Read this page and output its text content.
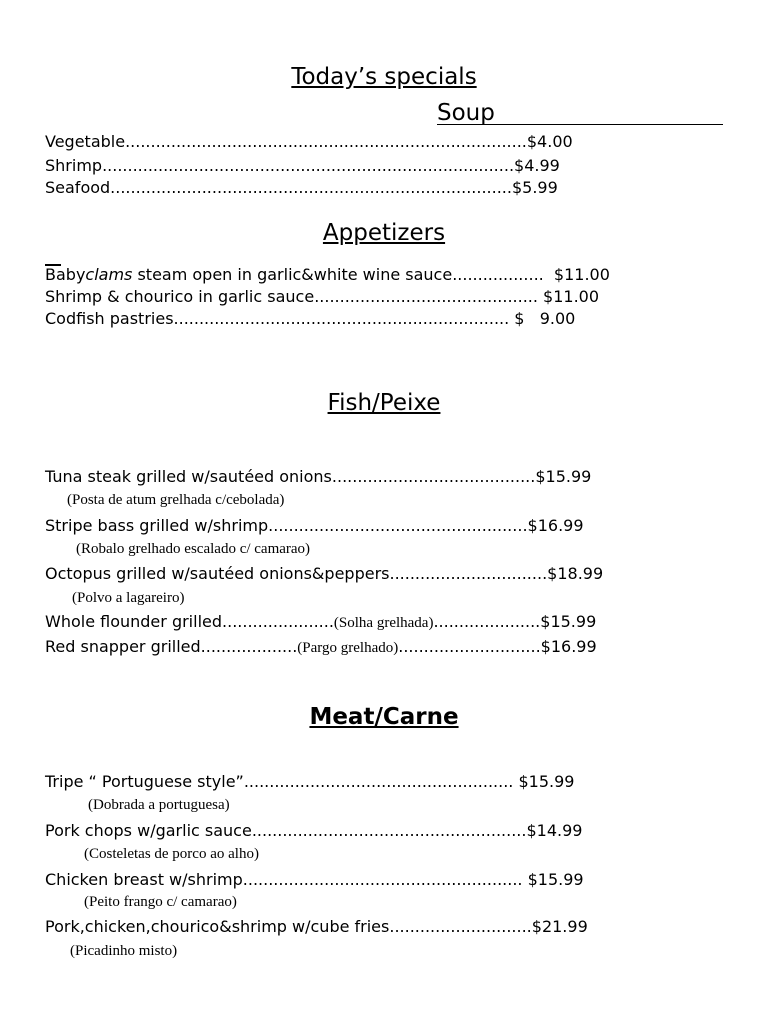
Today’s specials
Soup
Vegetable...............................................................................$4.00
Shrimp.................................................................................$4.99
Seafood...............................................................................$5.99
Appetizers
Babyclams steam open in garlic&white wine sauce..................  $11.00
Shrimp & chourico in garlic sauce............................................ $11.00
Codfish pastries.................................................................. $   9.00
Fish/Peixe
Tuna steak grilled w/sautéed onions........................................$15.99
(Posta de atum grelhada c/cebolada)
Stripe bass grilled w/shrimp...................................................$16.99
(Robalo grelhado escalado c/ camarao)
Octopus grilled w/sautéed onions&peppers...............................$18.99
(Polvo a lagareiro)
Whole flounder grilled......................(Solha grelhada).....................$15.99
Red snapper grilled...................(Pargo grelhado)............................$16.99
Meat/Carne
Tripe “ Portuguese style”..................................................... $15.99
(Dobrada a portuguesa)
Pork chops w/garlic sauce......................................................$14.99
(Costeletas de porco ao alho)
Chicken breast w/shrimp....................................................... $15.99
(Peito frango c/ camarao)
Pork,chicken,chourico&shrimp w/cube fries............................$21.99
(Picadinho misto)
